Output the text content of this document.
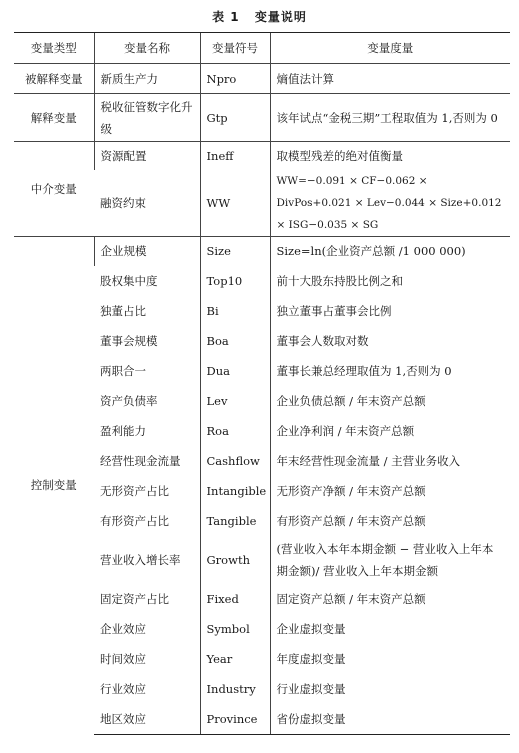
表 1 变量说明
变量类型	变量名称	变量符号	变量度量
被解释变量	新质生产力	Npro	熵值法计算
解释变量	税收征管数字化升级	Gtp	该年试点“金税三期”工程取值为 1,否则为 0
中介变量	资源配置	Ineff	取模型残差的绝对值衡量
	融资约束	WW	WW=−0.091 × CF−0.062 × DivPos+0.021 × Lev−0.044 × Size+0.012 × ISG−0.035 × SG
控制变量	企业规模	Size	Size=ln(企业资产总额 /1 000 000)
	股权集中度	Top10	前十大股东持股比例之和
	独董占比	Bi	独立董事占董事会比例
	董事会规模	Boa	董事会人数取对数
	两职合一	Dua	董事长兼总经理取值为 1,否则为 0
	资产负债率	Lev	企业负债总额 / 年末资产总额
	盈利能力	Roa	企业净利润 / 年末资产总额
	经营性现金流量	Cashflow	年末经营性现金流量 / 主营业务收入
	无形资产占比	Intangible	无形资产净额 / 年末资产总额
	有形资产占比	Tangible	有形资产总额 / 年末资产总额
	营业收入增长率	Growth	(营业收入本年本期金额 − 营业收入上年本期金额)/ 营业收入上年本期金额
	固定资产占比	Fixed	固定资产总额 / 年末资产总额
	企业效应	Symbol	企业虚拟变量
	时间效应	Year	年度虚拟变量
	行业效应	Industry	行业虚拟变量
	地区效应	Province	省份虚拟变量
